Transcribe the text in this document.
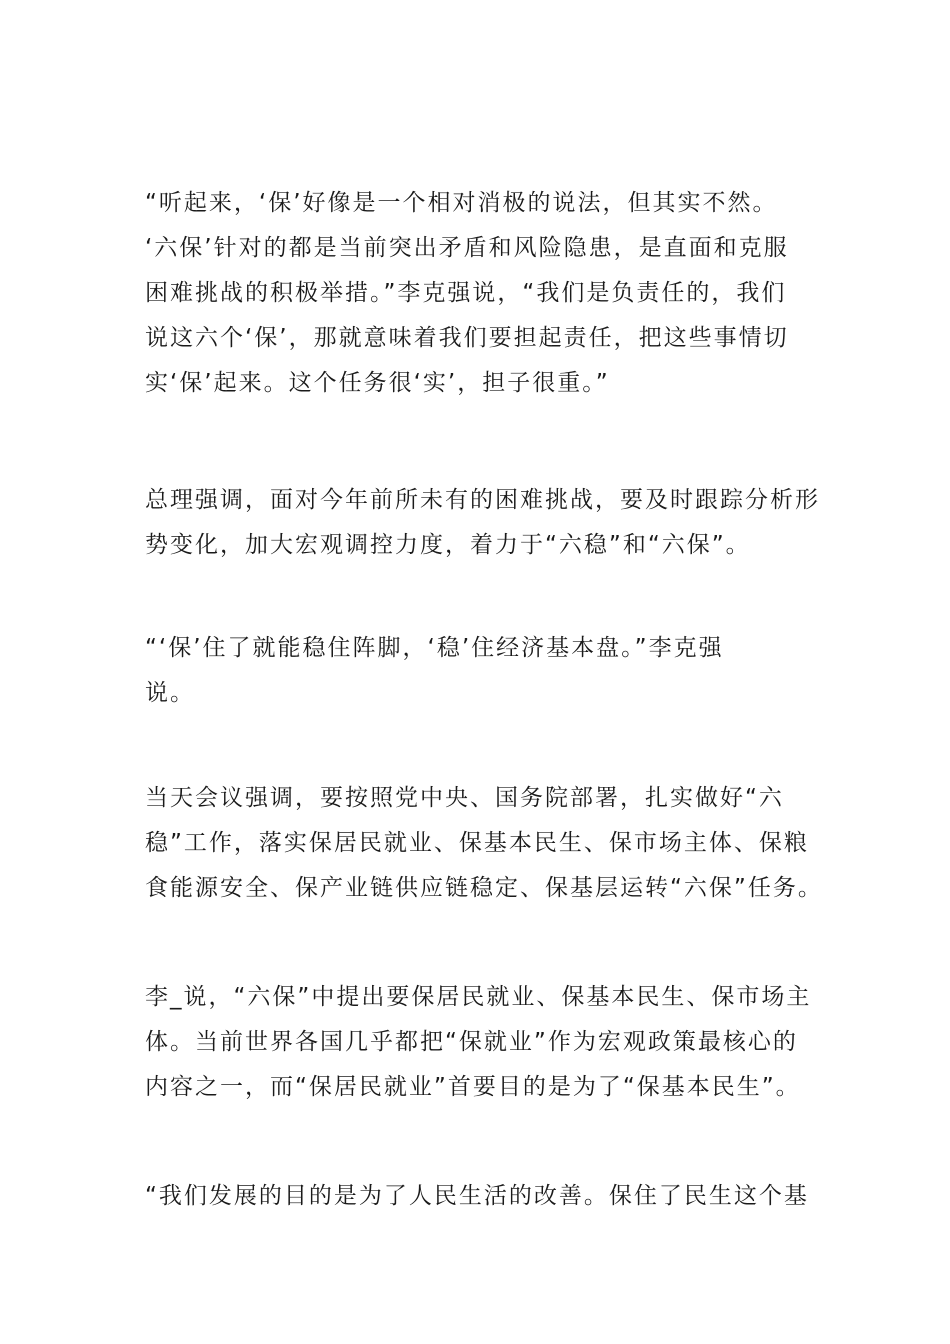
“听起来，‘保’好像是一个相对消极的说法，但其实不然。
‘六保’针对的都是当前突出矛盾和风险隐患，是直面和克服
困难挑战的积极举措。”李克强说，“我们是负责任的，我们
说这六个‘保’，那就意味着我们要担起责任，把这些事情切
实‘保’起来。这个任务很‘实’，担子很重。”
总理强调，面对今年前所未有的困难挑战，要及时跟踪分析形
势变化，加大宏观调控力度，着力于“六稳”和“六保”。
“‘保’住了就能稳住阵脚，‘稳’住经济基本盘。”李克强
说。
当天会议强调，要按照党中央、国务院部署，扎实做好“六
稳”工作，落实保居民就业、保基本民生、保市场主体、保粮
食能源安全、保产业链供应链稳定、保基层运转“六保”任务。
李_说，“六保”中提出要保居民就业、保基本民生、保市场主
体。当前世界各国几乎都把“保就业”作为宏观政策最核心的
内容之一，而“保居民就业”首要目的是为了“保基本民生”。
“我们发展的目的是为了人民生活的改善。保住了民生这个基
